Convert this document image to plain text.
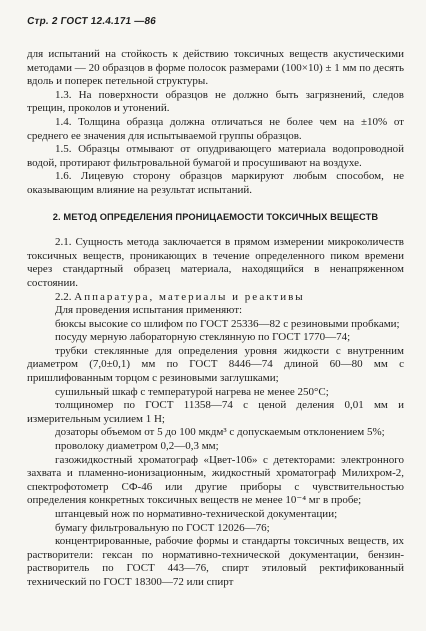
Стр. 2 ГОСТ 12.4.171 —86

для испытаний на стойкость к действию токсичных веществ акустическими методами — 20 образцов в форме полосок размерами (100×10) ± 1 мм по десять вдоль и поперек петельной структуры.

1.3. На поверхности образцов не должно быть загрязнений, следов трещин, проколов и утонений.

1.4. Толщина образца должна отличаться не более чем на ±10% от среднего ее значения для испытываемой группы образцов.

1.5. Образцы отмывают от опудривающего материала водопроводной водой, протирают фильтровальной бумагой и просушивают на воздухе.

1.6. Лицевую сторону образцов маркируют любым способом, не оказывающим влияние на результат испытаний.

2. МЕТОД ОПРЕДЕЛЕНИЯ ПРОНИЦАЕМОСТИ ТОКСИЧНЫХ ВЕЩЕСТВ

2.1. Сущность метода заключается в прямом измерении микроколичеств токсичных веществ, проникающих в течение определенного пиком времени через стандартный образец материала, находящийся в ненапряженном состоянии.

2.2. Аппаратура, материалы и реактивы

Для проведения испытания применяют:

бюксы высокие со шлифом по ГОСТ 25336—82 с резиновыми пробками;

посуду мерную лабораторную стеклянную по ГОСТ 1770—74;

трубки стеклянные для определения уровня жидкости с внутренним диаметром (7,0±0,1) мм по ГОСТ 8446—74 длиной 60—80 мм с пришлифованным торцом с резиновыми заглушками;

сушильный шкаф с температурой нагрева не менее 250°С;

толщиномер по ГОСТ 11358—74 с ценой деления 0,01 мм и измерительным усилием 1 Н;

дозаторы объемом от 5 до 100 мкдм³ с допускаемым отклонением 5%;

проволоку диаметром 0,2—0,3 мм;

газожидкостный хроматограф «Цвет-106» с детекторами: электронного захвата и пламенно-ионизационным, жидкостный хроматограф Милихром-2, спектрофотометр СФ-46 или другие приборы с чувствительностью определения конкретных токсичных веществ не менее 10⁻⁴ мг в пробе;

штанцевый нож по нормативно-технической документации;

бумагу фильтровальную по ГОСТ 12026—76;

концентрированные, рабочие формы и стандарты токсичных веществ, их растворители: гексан по нормативно-технической документации, бензин-растворитель по ГОСТ 443—76, спирт этиловый ректификованный технический по ГОСТ 18300—72 или спирт
